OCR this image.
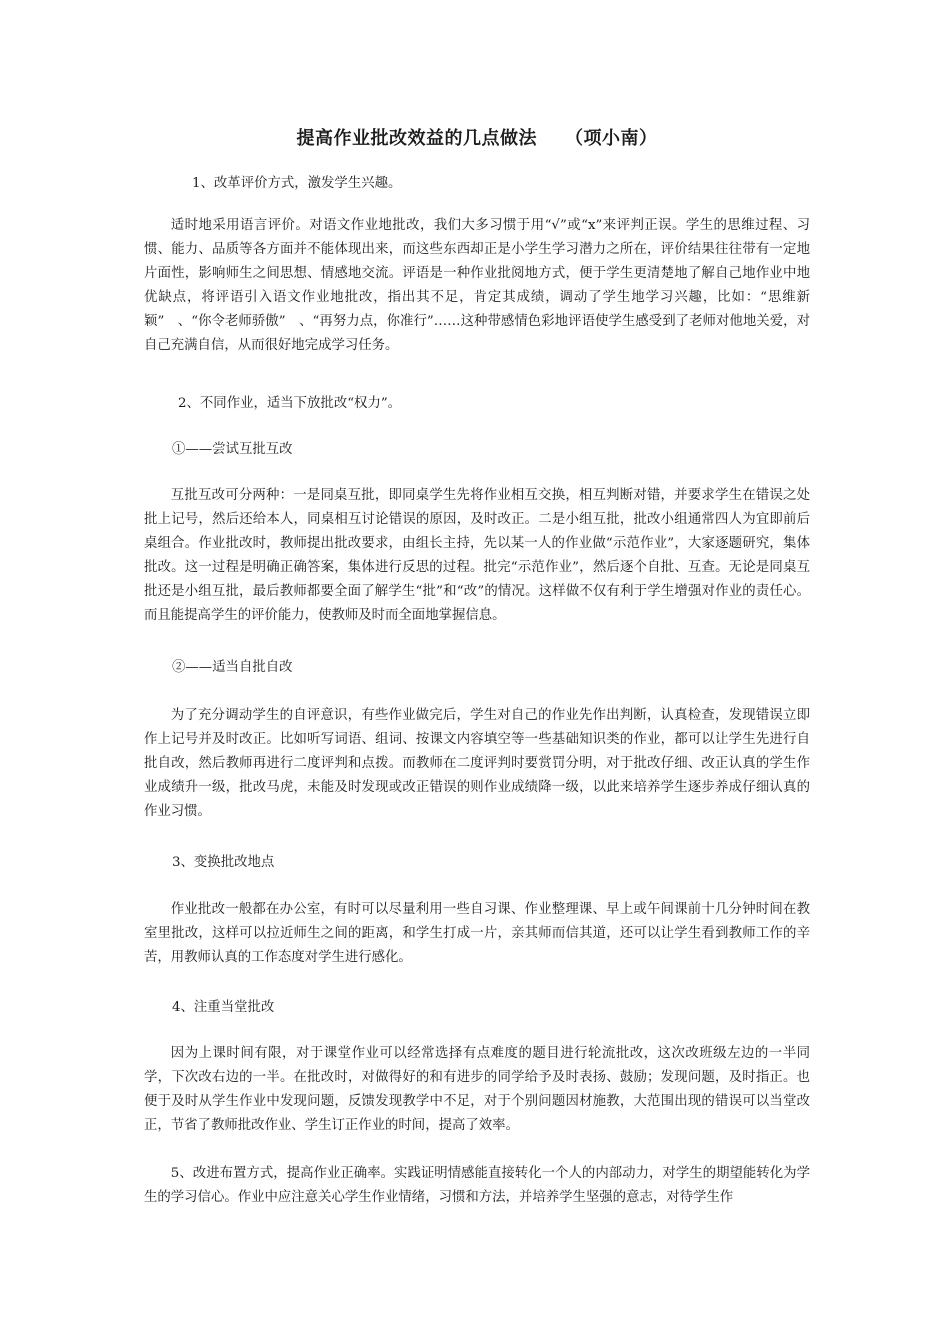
提高作业批改效益的几点做法　　（项小南）
1、改革评价方式，激发学生兴趣。
适时地采用语言评价。对语文作业地批改，我们大多习惯于用“√”或“x”来评判正误。学生的思维过程、习惯、能力、品质等各方面并不能体现出来，而这些东西却正是小学生学习潜力之所在，评价结果往往带有一定地片面性，影响师生之间思想、情感地交流。评语是一种作业批阅地方式，便于学生更清楚地了解自己地作业中地优缺点，将评语引入语文作业地批改，指出其不足，肯定其成绩，调动了学生地学习兴趣，比如：“思维新颖”　、“你令老师骄傲”　、“再努力点，你准行”……这种带感情色彩地评语使学生感受到了老师对他地关爱，对自己充满自信，从而很好地完成学习任务。
2、不同作业，适当下放批改“权力”。
①——尝试互批互改
互批互改可分两种：一是同桌互批，即同桌学生先将作业相互交换，相互判断对错，并要求学生在错误之处批上记号，然后还给本人，同桌相互讨论错误的原因，及时改正。二是小组互批，批改小组通常四人为宜即前后桌组合。作业批改时，教师提出批改要求，由组长主持，先以某一人的作业做“示范作业”，大家逐题研究，集体批改。这一过程是明确正确答案，集体进行反思的过程。批完“示范作业”，然后逐个自批、互查。无论是同桌互批还是小组互批，最后教师都要全面了解学生“批”和“改”的情况。这样做不仅有利于学生增强对作业的责任心。而且能提高学生的评价能力，使教师及时而全面地掌握信息。
②——适当自批自改
为了充分调动学生的自评意识，有些作业做完后，学生对自己的作业先作出判断，认真检查，发现错误立即作上记号并及时改正。比如听写词语、组词、按课文内容填空等一些基础知识类的作业，都可以让学生先进行自批自改，然后教师再进行二度评判和点拨。而教师在二度评判时要赏罚分明，对于批改仔细、改正认真的学生作业成绩升一级，批改马虎，未能及时发现或改正错误的则作业成绩降一级，以此来培养学生逐步养成仔细认真的作业习惯。
3、变换批改地点
作业批改一般都在办公室，有时可以尽量利用一些自习课、作业整理课、早上或午间课前十几分钟时间在教室里批改，这样可以拉近师生之间的距离，和学生打成一片，亲其师而信其道，还可以让学生看到教师工作的辛苦，用教师认真的工作态度对学生进行感化。
4、注重当堂批改
因为上课时间有限，对于课堂作业可以经常选择有点难度的题目进行轮流批改，这次改班级左边的一半同学，下次改右边的一半。在批改时，对做得好的和有进步的同学给予及时表扬、鼓励；发现问题，及时指正。也便于及时从学生作业中发现问题，反馈发现教学中不足，对于个别问题因材施教，大范围出现的错误可以当堂改正，节省了教师批改作业、学生订正作业的时间，提高了效率。
5、改进布置方式，提高作业正确率。实践证明情感能直接转化一个人的内部动力，对学生的期望能转化为学生的学习信心。作业中应注意关心学生作业情绪，习惯和方法，并培养学生坚强的意志，对待学生作
